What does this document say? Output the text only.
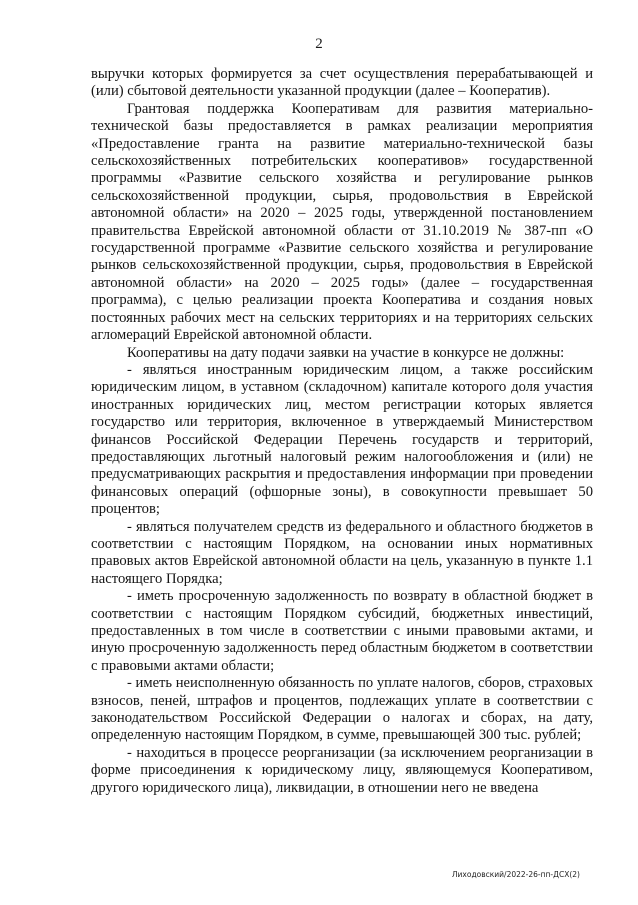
2

выручки которых формируется за счет осуществления перерабатывающей и (или) сбытовой деятельности указанной продукции (далее – Кооператив).

Грантовая поддержка Кооперативам для развития материально-технической базы предоставляется в рамках реализации мероприятия «Предоставление гранта на развитие материально-технической базы сельскохозяйственных потребительских кооперативов» государственной программы «Развитие сельского хозяйства и регулирование рынков сельскохозяйственной продукции, сырья, продовольствия в Еврейской автономной области» на 2020 – 2025 годы, утвержденной постановлением правительства Еврейской автономной области от 31.10.2019 № 387-пп «О государственной программе «Развитие сельского хозяйства и регулирование рынков сельскохозяйственной продукции, сырья, продовольствия в Еврейской автономной области» на 2020 – 2025 годы» (далее – государственная программа), с целью реализации проекта Кооператива и создания новых постоянных рабочих мест на сельских территориях и на территориях сельских агломераций Еврейской автономной области.

Кооперативы на дату подачи заявки на участие в конкурсе не должны:

- являться иностранным юридическим лицом, а также российским юридическим лицом, в уставном (складочном) капитале которого доля участия иностранных юридических лиц, местом регистрации которых является государство или территория, включенное в утверждаемый Министерством финансов Российской Федерации Перечень государств и территорий, предоставляющих льготный налоговый режим налогообложения и (или) не предусматривающих раскрытия и предоставления информации при проведении финансовых операций (офшорные зоны), в совокупности превышает 50 процентов;

- являться получателем средств из федерального и областного бюджетов в соответствии с настоящим Порядком, на основании иных нормативных правовых актов Еврейской автономной области на цель, указанную в пункте 1.1 настоящего Порядка;

- иметь просроченную задолженность по возврату в областной бюджет в соответствии с настоящим Порядком субсидий, бюджетных инвестиций, предоставленных в том числе в соответствии с иными правовыми актами, и иную просроченную задолженность перед областным бюджетом в соответствии с правовыми актами области;

- иметь неисполненную обязанность по уплате налогов, сборов, страховых взносов, пеней, штрафов и процентов, подлежащих уплате в соответствии с законодательством Российской Федерации о налогах и сборах, на дату, определенную настоящим Порядком, в сумме, превышающей 300 тыс. рублей;

- находиться в процессе реорганизации (за исключением реорганизации в форме присоединения к юридическому лицу, являющемуся Кооперативом, другого юридического лица), ликвидации, в отношении него не введена

Лиходовский/2022-26-пп-ДСХ(2)
